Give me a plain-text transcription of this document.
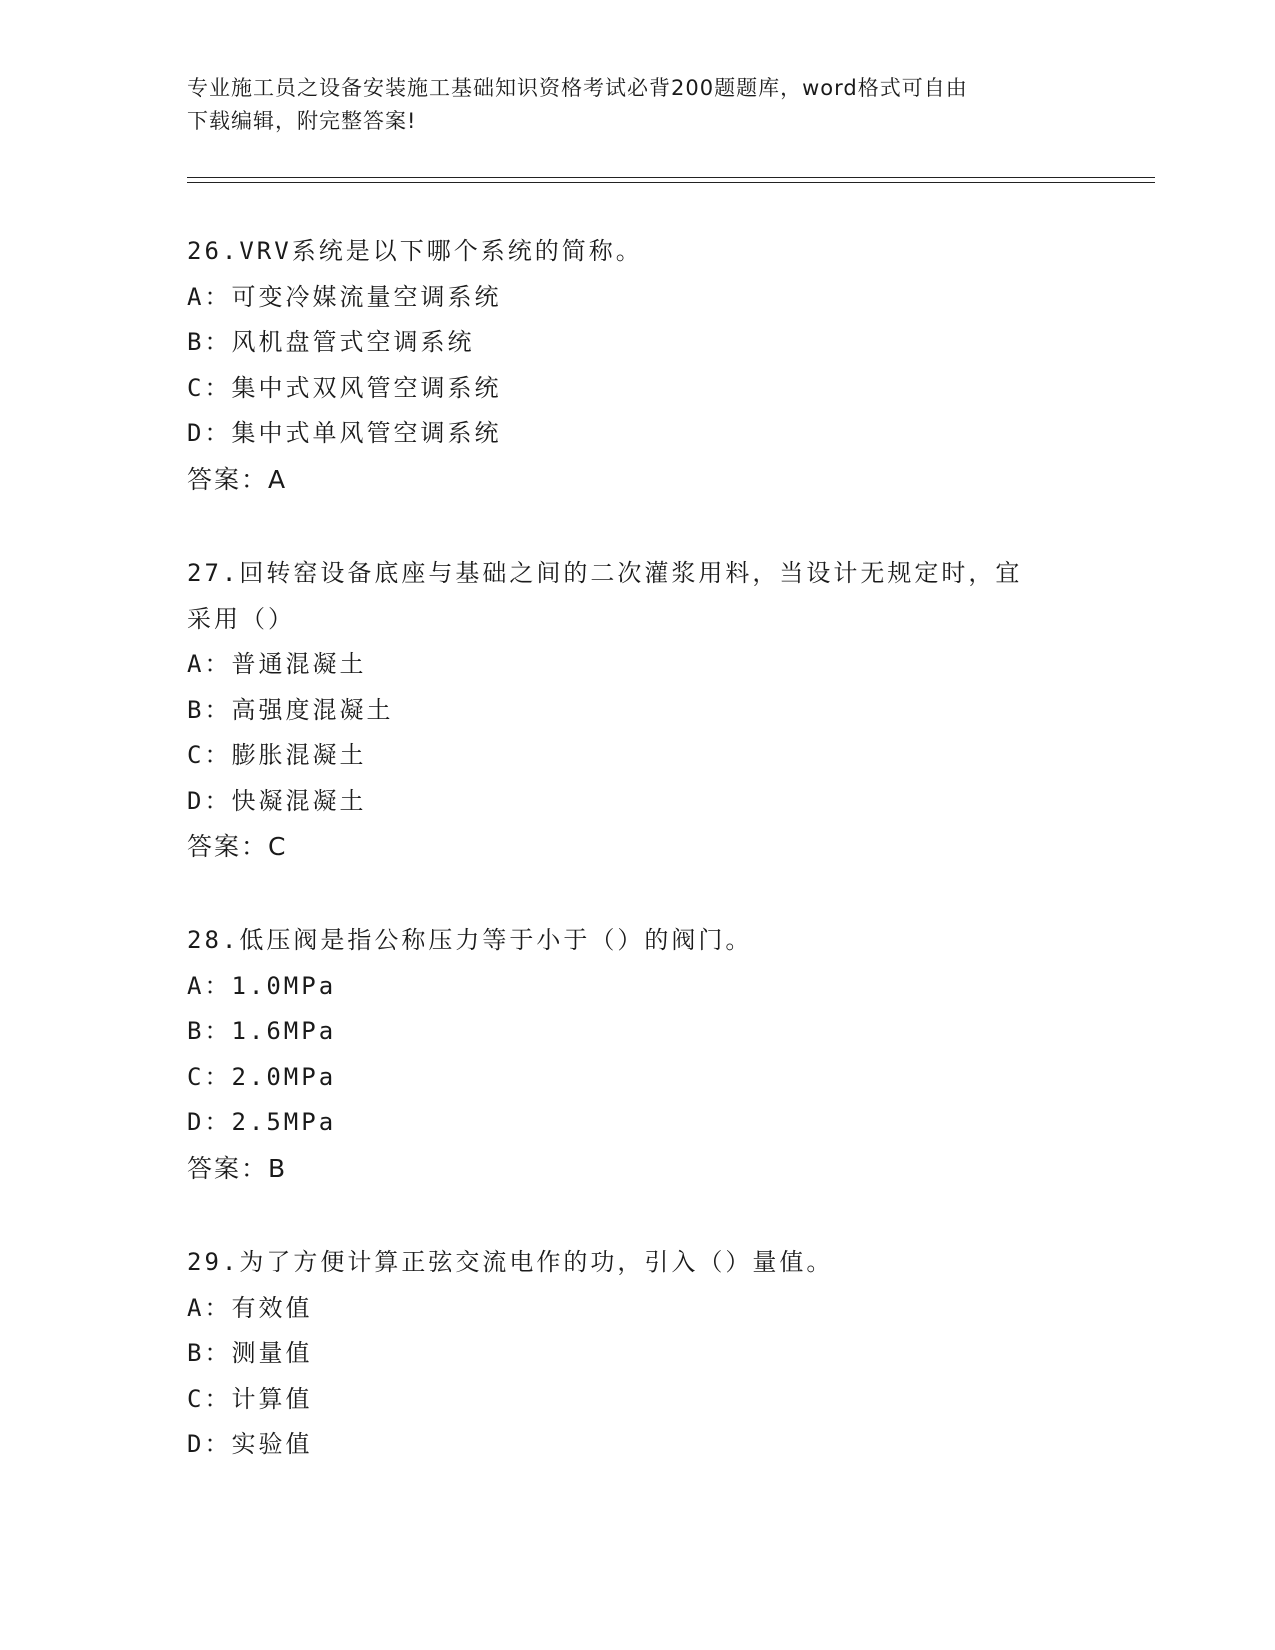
专业施工员之设备安装施工基础知识资格考试必背200题题库，word格式可自由
下载编辑，附完整答案!
26.VRV系统是以下哪个系统的简称。
A：可变冷媒流量空调系统
B：风机盘管式空调系统
C：集中式双风管空调系统
D：集中式单风管空调系统
答案：A
27.回转窑设备底座与基础之间的二次灌浆用料，当设计无规定时，宜
采用（）
A：普通混凝土
B：高强度混凝土
C：膨胀混凝土
D：快凝混凝土
答案：C
28.低压阀是指公称压力等于小于（）的阀门。
A：1.0MPa
B：1.6MPa
C：2.0MPa
D：2.5MPa
答案：B
29.为了方便计算正弦交流电作的功，引入（）量值。
A：有效值
B：测量值
C：计算值
D：实验值
